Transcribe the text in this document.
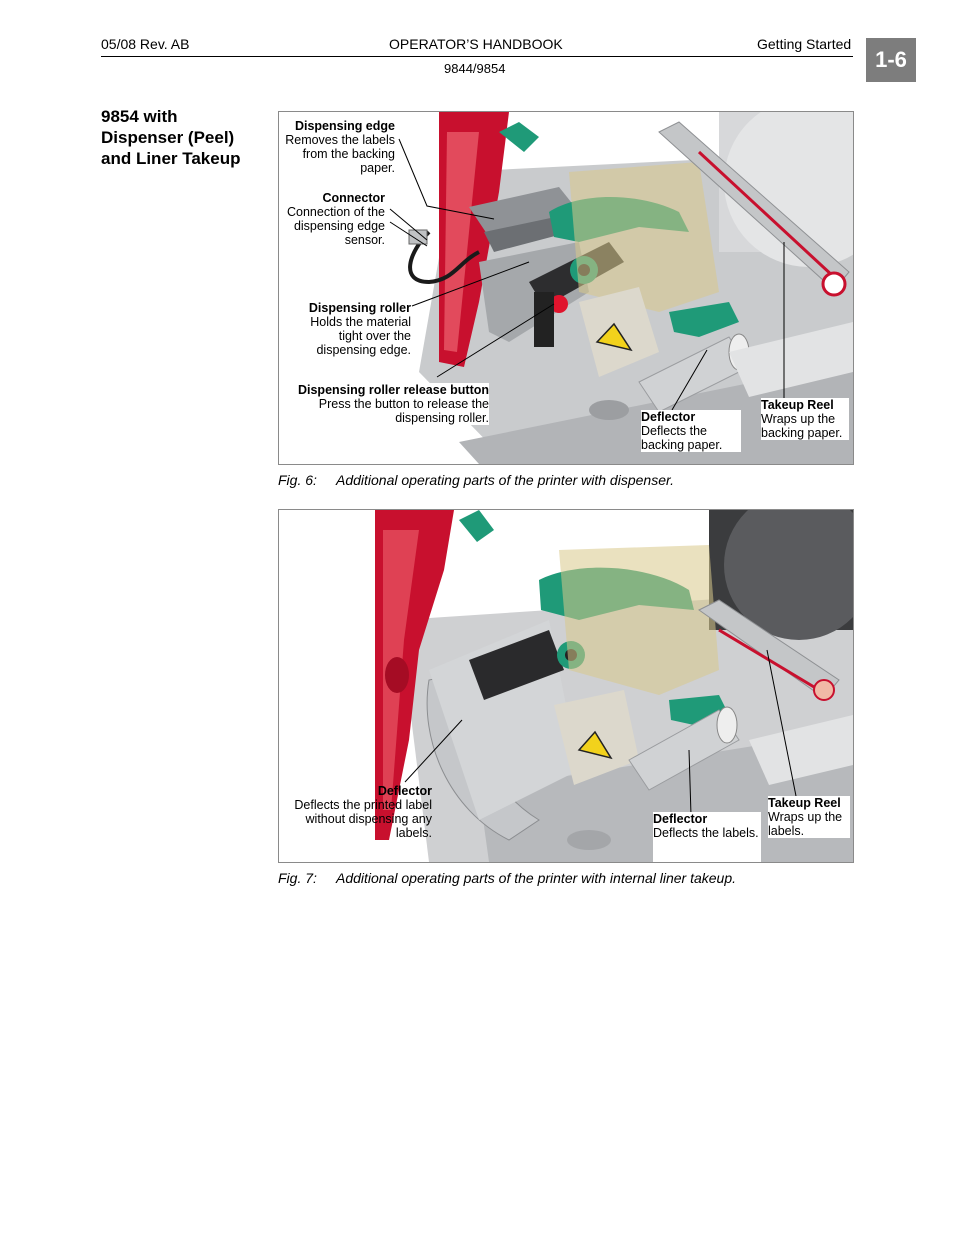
05/08 Rev. AB	OPERATOR’S HANDBOOK	Getting Started
9844/9854	1-6
9854 with Dispenser (Peel) and Liner Takeup
Dispensing edge
Removes the labels from the backing paper.
Connector
Connection of the dispensing edge sensor.
Dispensing roller
Holds the material tight over the dispensing edge.
Dispensing roller release button
Press the button to release the dispensing roller.	Deflector
Deflects the backing paper.
Takeup Reel
Wraps up the backing paper.
Fig. 6: Additional operating parts of the printer with dispenser.
Deflector
Deflects the printed label without dispensing any labels.
Deflector
Deflects the labels.
Takeup Reel
Wraps up the labels.
Fig. 7: Additional operating parts of the printer with internal liner takeup.
